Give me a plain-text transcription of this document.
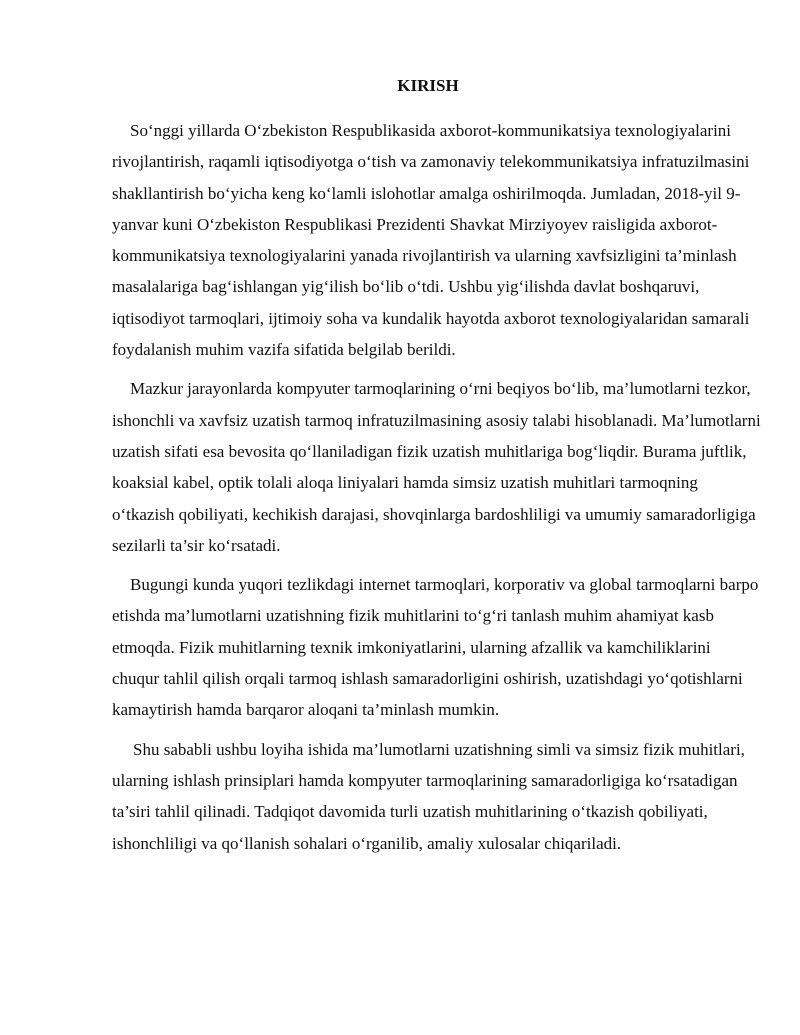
KIRISH

So‘nggi yillarda O‘zbekiston Respublikasida axborot-kommunikatsiya texnologiyalarini rivojlantirish, raqamli iqtisodiyotga o‘tish va zamonaviy telekommunikatsiya infratuzilmasini shakllantirish bo‘yicha keng ko‘lamli islohotlar amalga oshirilmoqda. Jumladan, 2018-yil 9-yanvar kuni O‘zbekiston Respublikasi Prezidenti Shavkat Mirziyoyev raisligida axborot-kommunikatsiya texnologiyalarini yanada rivojlantirish va ularning xavfsizligini ta’minlash masalalariga bag‘ishlangan yig‘ilish bo‘lib o‘tdi. Ushbu yig‘ilishda davlat boshqaruvi, iqtisodiyot tarmoqlari, ijtimoiy soha va kundalik hayotda axborot texnologiyalaridan samarali foydalanish muhim vazifa sifatida belgilab berildi.

Mazkur jarayonlarda kompyuter tarmoqlarining o‘rni beqiyos bo‘lib, ma’lumotlarni tezkor, ishonchli va xavfsiz uzatish tarmoq infratuzilmasining asosiy talabi hisoblanadi. Ma’lumotlarni uzatish sifati esa bevosita qo‘llaniladigan fizik uzatish muhitlariga bog‘liqdir. Burama juftlik, koaksial kabel, optik tolali aloqa liniyalari hamda simsiz uzatish muhitlari tarmoqning o‘tkazish qobiliyati, kechikish darajasi, shovqinlarga bardoshliligi va umumiy samaradorligiga sezilarli ta’sir ko‘rsatadi.

Bugungi kunda yuqori tezlikdagi internet tarmoqlari, korporativ va global tarmoqlarni barpo etishda ma’lumotlarni uzatishning fizik muhitlarini to‘g‘ri tanlash muhim ahamiyat kasb etmoqda. Fizik muhitlarning texnik imkoniyatlarini, ularning afzallik va kamchiliklarini chuqur tahlil qilish orqali tarmoq ishlash samaradorligini oshirish, uzatishdagi yo‘qotishlarni kamaytirish hamda barqaror aloqani ta’minlash mumkin.

Shu sababli ushbu loyiha ishida ma’lumotlarni uzatishning simli va simsiz fizik muhitlari, ularning ishlash prinsiplari hamda kompyuter tarmoqlarining samaradorligiga ko‘rsatadigan ta’siri tahlil qilinadi. Tadqiqot davomida turli uzatish muhitlarining o‘tkazish qobiliyati, ishonchliligi va qo‘llanish sohalari o‘rganilib, amaliy xulosalar chiqariladi.
